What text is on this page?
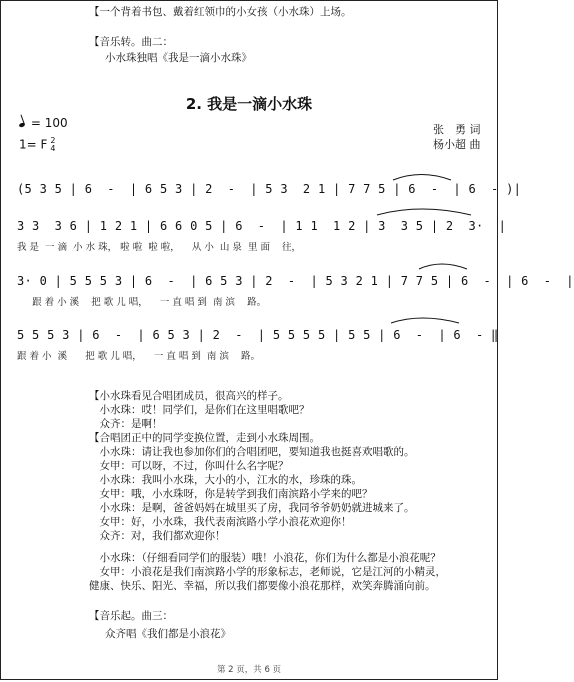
【一个背着书包、戴着红领巾的小女孩（小水珠）上场。
【音乐转。曲二：
小水珠独唱《我是一滴小水珠》
2. 我是一滴小水珠
= 100
1= F 2
4
张　勇 词
杨小超 曲
(5 3 5 | 6  -  | 6 5 3 | 2  -  | 5 3  2 1 | 7 7 5 | 6  -  | 6  - )|
3 3  3 6 | 1 2 1 | 6 6 0 5 | 6  -  | 1 1  1 2 | 3  3 5 | 2  3·  |
我 是  一 滴  小 水 珠， 啦 啦  啦 啦，    从 小  山 泉  里 面    往，
3· 0 | 5 5 5 3 | 6  -  | 6 5 3 | 2  -  | 5 3 2 1 | 7 7 5 | 6  -  | 6  -  |
跟 着 小 溪    把 歌 儿 唱，    一 直 唱 到  南 滨    路。
5 5 5 3 | 6  -  | 6 5 3 | 2  -  | 5 5 5 5 | 5 5 | 6  -  | 6  - ‖
跟 着 小  溪      把 歌 儿 唱，    一 直 唱 到  南 滨    路。
【小水珠看见合唱团成员，很高兴的样子。
　小水珠：哎！同学们，是你们在这里唱歌吧？
　众齐：是啊！
【合唱团正中的同学变换位置，走到小水珠周围。
　小水珠：请让我也参加你们的合唱团吧，要知道我也挺喜欢唱歌的。
　女甲：可以呀，不过，你叫什么名字呢？
　小水珠：我叫小水珠，大小的小，江水的水，珍珠的珠。
　女甲：哦，小水珠呀，你是转学到我们南滨路小学来的吧？
　小水珠：是啊，爸爸妈妈在城里买了房，我同爷爷奶奶就进城来了。
　女甲：好，小水珠，我代表南滨路小学小浪花欢迎你！
　众齐：对，我们都欢迎你！
　小水珠：（仔细看同学们的服装）哦！小浪花，你们为什么都是小浪花呢？
　女甲：小浪花是我们南滨路小学的形象标志，老师说，它是江河的小精灵，
健康、快乐、阳光、幸福，所以我们都要像小浪花那样，欢笑奔腾涌向前。
【音乐起。曲三：
众齐唱《我们都是小浪花》
第 2 页，共 6 页
